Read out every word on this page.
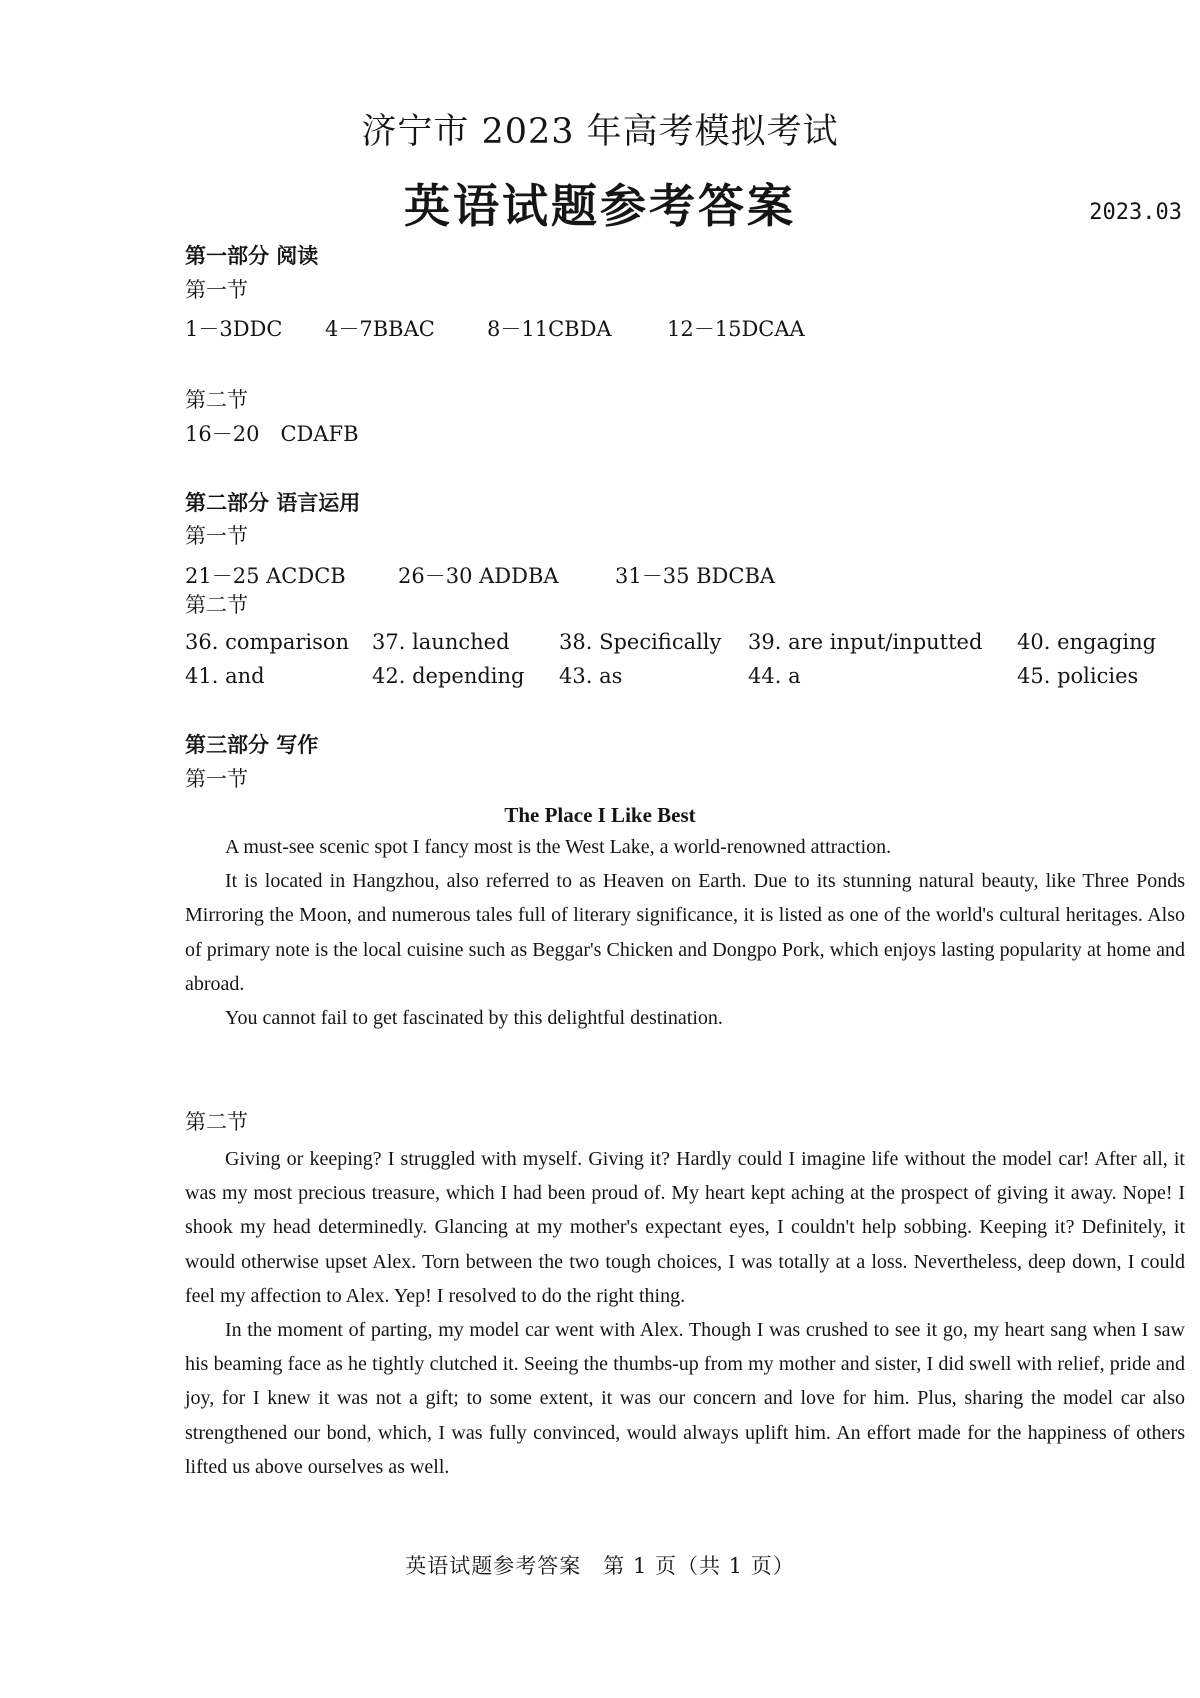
济宁市 2023 年高考模拟考试
英语试题参考答案	2023.03
第一部分 阅读
第一节
1－3DDC 4－7BBAC 8－11CBDA	12－15DCAA
第二节
16－20　CDAFB
第二部分 语言运用
第一节
21－25 ACDCB 26－30 ADDBA	31－35 BDCBA
第二节
36. comparison 37. launched 38. Specifically 39. are input/inputted 40. engaging
41. and	42. depending 43. as	44. a	45. policies
第三部分 写作
第一节
The Place I Like Best

A must-see scenic spot I fancy most is the West Lake, a world-renowned attraction.

It is located in Hangzhou, also referred to as Heaven on Earth. Due to its stunning natural beauty, like Three Ponds Mirroring the Moon, and numerous tales full of literary significance, it is listed as one of the world's cultural heritages. Also of primary note is the local cuisine such as Beggar's Chicken and Dongpo Pork, which enjoys lasting popularity at home and abroad.

You cannot fail to get fascinated by this delightful destination.

第二节

Giving or keeping? I struggled with myself. Giving it? Hardly could I imagine life without the model car! After all, it was my most precious treasure, which I had been proud of. My heart kept aching at the prospect of giving it away. Nope! I shook my head determinedly. Glancing at my mother's expectant eyes, I couldn't help sobbing. Keeping it? Definitely, it would otherwise upset Alex. Torn between the two tough choices, I was totally at a loss. Nevertheless, deep down, I could feel my affection to Alex. Yep! I resolved to do the right thing.

In the moment of parting, my model car went with Alex. Though I was crushed to see it go, my heart sang when I saw his beaming face as he tightly clutched it. Seeing the thumbs-up from my mother and sister, I did swell with relief, pride and joy, for I knew it was not a gift; to some extent, it was our concern and love for him. Plus, sharing the model car also strengthened our bond, which, I was fully convinced, would always uplift him. An effort made for the happiness of others lifted us above ourselves as well.

英语试题参考答案　第 1 页（共 1 页）
